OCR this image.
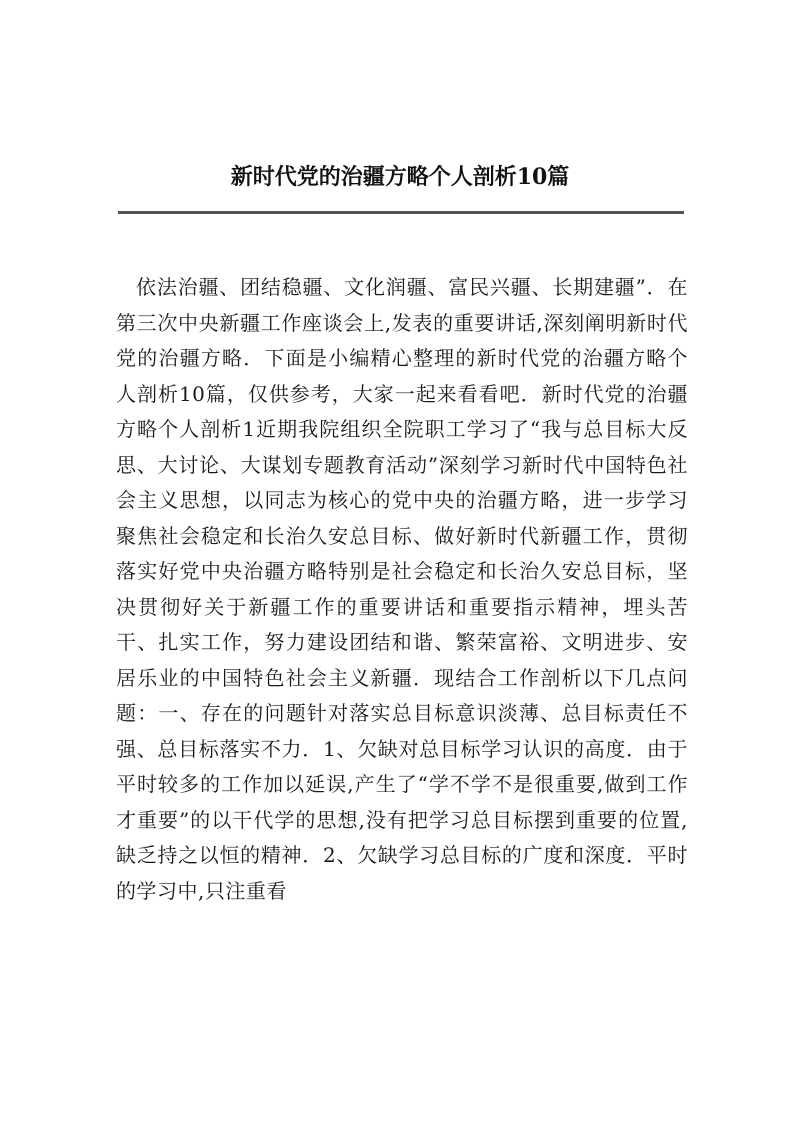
新时代党的治疆方略个人剖析10篇

依法治疆、团结稳疆、文化润疆、富民兴疆、长期建疆”．在第三次中央新疆工作座谈会上,发表的重要讲话,深刻阐明新时代党的治疆方略．下面是小编精心整理的新时代党的治疆方略个人剖析10篇，仅供参考，大家一起来看看吧．新时代党的治疆方略个人剖析1近期我院组织全院职工学习了“我与总目标大反思、大讨论、大谋划专题教育活动”深刻学习新时代中国特色社会主义思想，以同志为核心的党中央的治疆方略，进一步学习聚焦社会稳定和长治久安总目标、做好新时代新疆工作，贯彻落实好党中央治疆方略特别是社会稳定和长治久安总目标，坚决贯彻好关于新疆工作的重要讲话和重要指示精神，埋头苦干、扎实工作，努力建设团结和谐、繁荣富裕、文明进步、安居乐业的中国特色社会主义新疆．现结合工作剖析以下几点问题：一、存在的问题针对落实总目标意识淡薄、总目标责任不强、总目标落实不力．1、欠缺对总目标学习认识的高度．由于平时较多的工作加以延误,产生了“学不学不是很重要,做到工作才重要”的以干代学的思想,没有把学习总目标摆到重要的位置,缺乏持之以恒的精神．2、欠缺学习总目标的广度和深度．平时的学习中,只注重看
